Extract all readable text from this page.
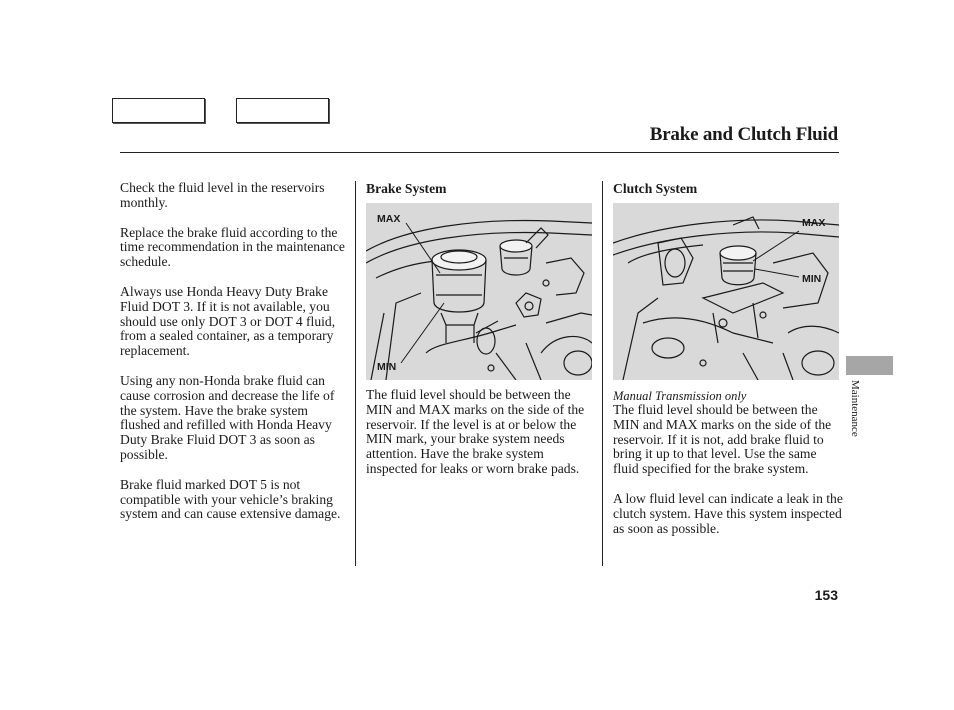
Brake and Clutch Fluid

Check the fluid level in the reservoirs monthly.

Replace the brake fluid according to the time recommendation in the maintenance schedule.

Always use Honda Heavy Duty Brake Fluid DOT 3. If it is not available, you should use only DOT 3 or DOT 4 fluid, from a sealed container, as a temporary replacement.

Using any non-Honda brake fluid can cause corrosion and decrease the life of the system. Have the brake system flushed and refilled with Honda Heavy Duty Brake Fluid DOT 3 as soon as possible.

Brake fluid marked DOT 5 is not compatible with your vehicle’s braking system and can cause extensive damage.

Brake System
MAX
MIN
The fluid level should be between the MIN and MAX marks on the side of the reservoir. If the level is at or below the MIN mark, your brake system needs attention. Have the brake system inspected for leaks or worn brake pads.
Clutch System
MAX
MIN
Manual Transmission only

The fluid level should be between the MIN and MAX marks on the side of the reservoir. If it is not, add brake fluid to bring it up to that level. Use the same fluid specified for the brake system.

A low fluid level can indicate a leak in the clutch system. Have this system inspected as soon as possible.

Maintenance
153
